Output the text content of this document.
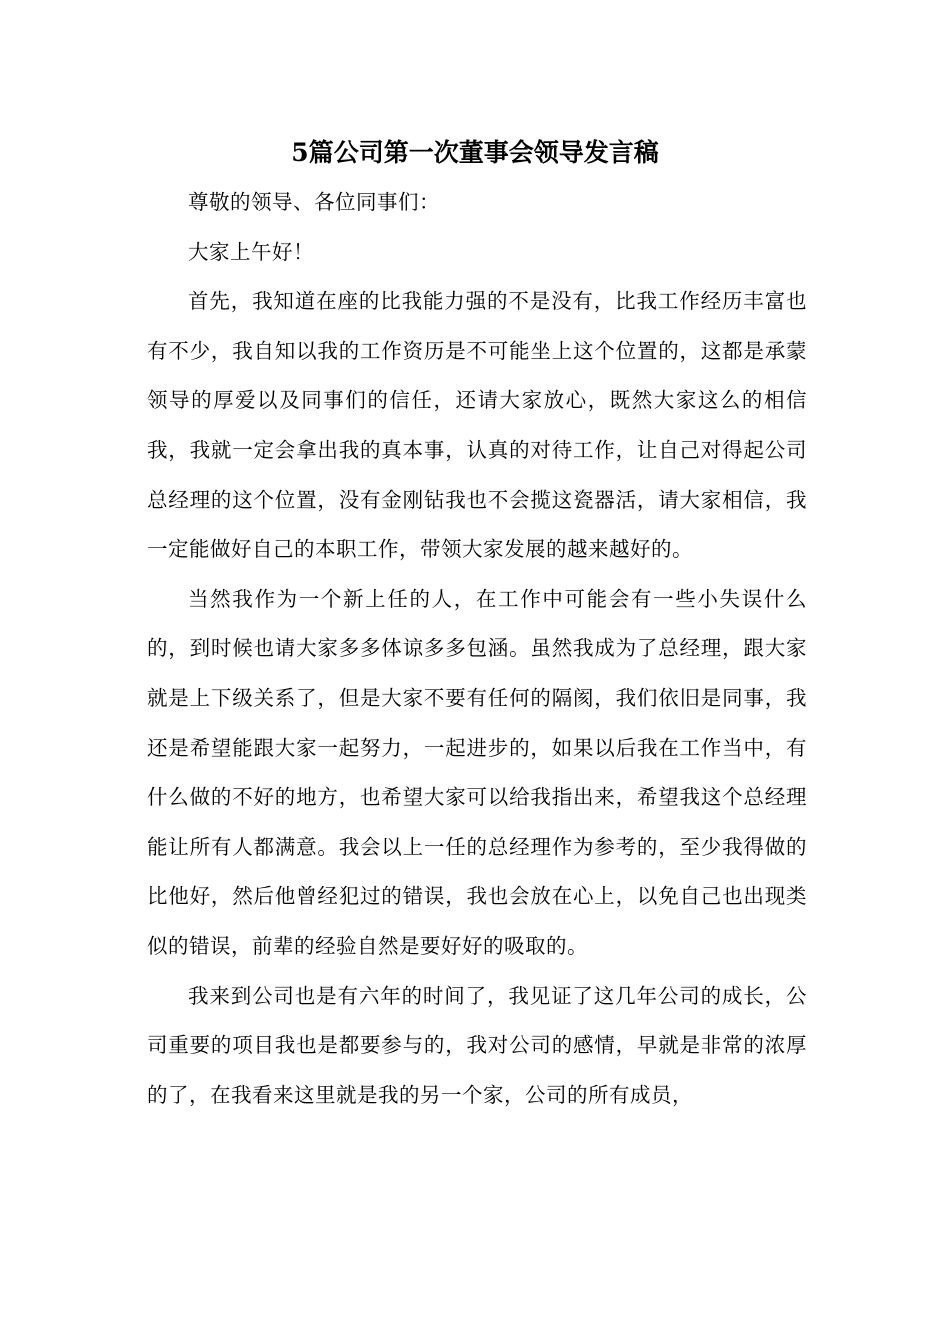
5篇公司第一次董事会领导发言稿

尊敬的领导、各位同事们：

大家上午好！

首先，我知道在座的比我能力强的不是没有，比我工作经历丰富也有不少，我自知以我的工作资历是不可能坐上这个位置的，这都是承蒙领导的厚爱以及同事们的信任，还请大家放心，既然大家这么的相信我，我就一定会拿出我的真本事，认真的对待工作，让自己对得起公司总经理的这个位置，没有金刚钻我也不会揽这瓷器活，请大家相信，我一定能做好自己的本职工作，带领大家发展的越来越好的。

当然我作为一个新上任的人，在工作中可能会有一些小失误什么的，到时候也请大家多多体谅多多包涵。虽然我成为了总经理，跟大家就是上下级关系了，但是大家不要有任何的隔阂，我们依旧是同事，我还是希望能跟大家一起努力，一起进步的，如果以后我在工作当中，有什么做的不好的地方，也希望大家可以给我指出来，希望我这个总经理能让所有人都满意。我会以上一任的总经理作为参考的，至少我得做的比他好，然后他曾经犯过的错误，我也会放在心上，以免自己也出现类似的错误，前辈的经验自然是要好好的吸取的。

我来到公司也是有六年的时间了，我见证了这几年公司的成长，公司重要的项目我也是都要参与的，我对公司的感情，早就是非常的浓厚的了，在我看来这里就是我的另一个家，公司的所有成员，
